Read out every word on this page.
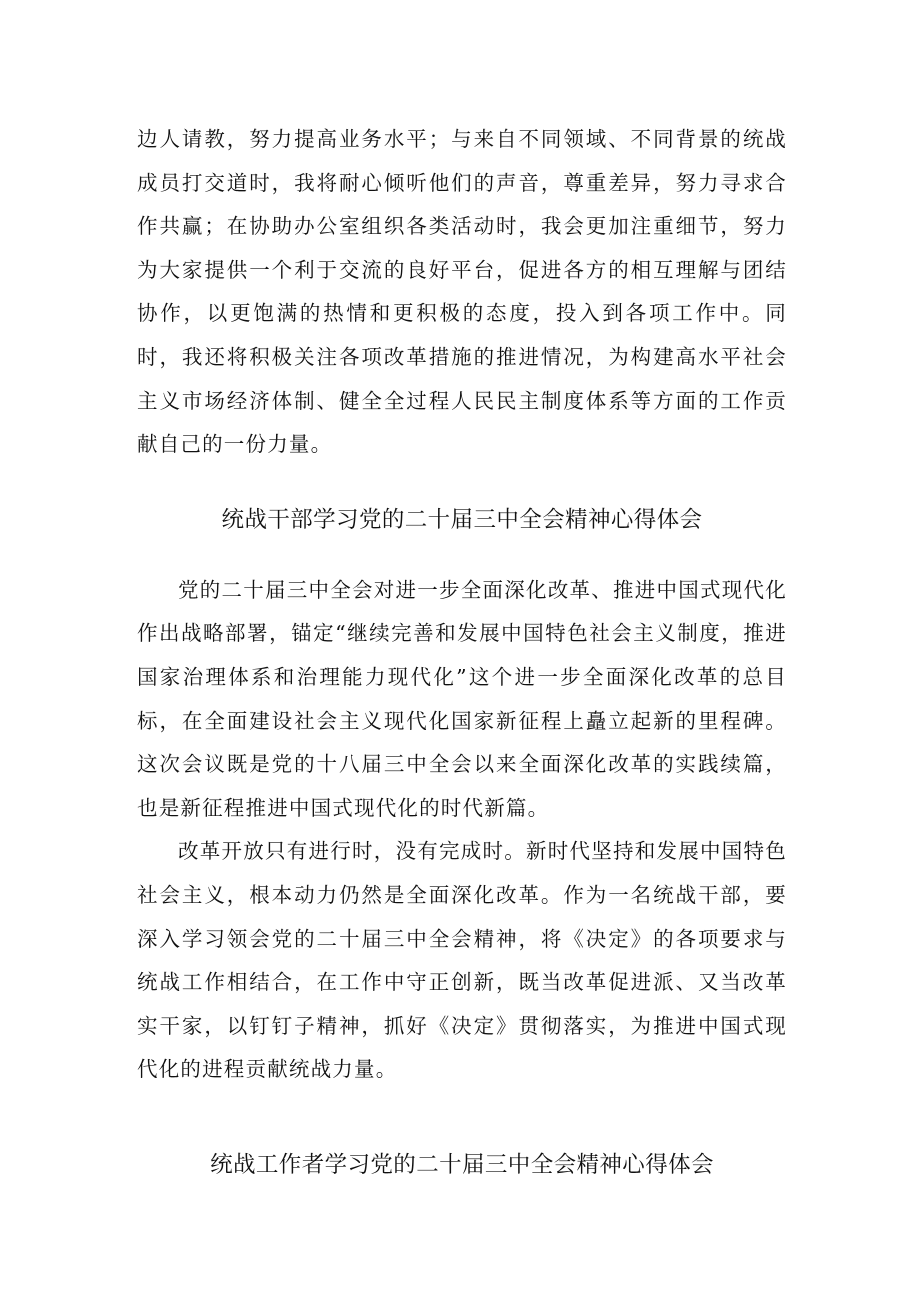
边人请教，努力提高业务水平；与来自不同领域、不同背景的统战成员打交道时，我将耐心倾听他们的声音，尊重差异，努力寻求合作共赢；在协助办公室组织各类活动时，我会更加注重细节，努力为大家提供一个利于交流的良好平台，促进各方的相互理解与团结协作，以更饱满的热情和更积极的态度，投入到各项工作中。同时，我还将积极关注各项改革措施的推进情况，为构建高水平社会主义市场经济体制、健全全过程人民民主制度体系等方面的工作贡献自己的一份力量。

统战干部学习党的二十届三中全会精神心得体会

党的二十届三中全会对进一步全面深化改革、推进中国式现代化作出战略部署，锚定“继续完善和发展中国特色社会主义制度，推进国家治理体系和治理能力现代化”这个进一步全面深化改革的总目标，在全面建设社会主义现代化国家新征程上矗立起新的里程碑。这次会议既是党的十八届三中全会以来全面深化改革的实践续篇，也是新征程推进中国式现代化的时代新篇。

改革开放只有进行时，没有完成时。新时代坚持和发展中国特色社会主义，根本动力仍然是全面深化改革。作为一名统战干部，要深入学习领会党的二十届三中全会精神，将《决定》的各项要求与统战工作相结合，在工作中守正创新，既当改革促进派、又当改革实干家，以钉钉子精神，抓好《决定》贯彻落实，为推进中国式现代化的进程贡献统战力量。

统战工作者学习党的二十届三中全会精神心得体会
